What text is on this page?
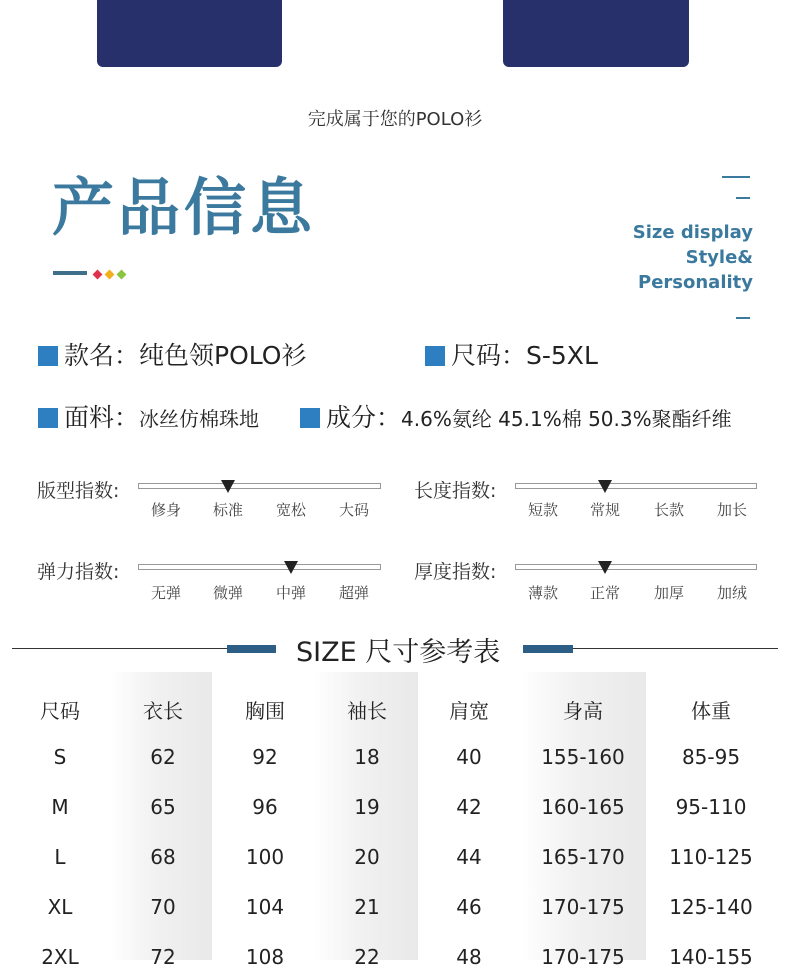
完成属于您的POLO衫
产品信息	Size display
Style&
Personality
款名：纯色领POLO衫	尺码：S-5XL
面料：冰丝仿棉珠地	成分：4.6%氨纶 45.1%棉 50.3%聚酯纤维
版型指数:
修身	标准	宽松	大码
长度指数:
短款	常规	长款	加长
弹力指数:
无弹	微弹	中弹	超弹
厚度指数:
薄款	正常	加厚	加绒
SIZE 尺寸参考表
尺码	衣长	胸围	袖长	肩宽	身高	体重
S	62	92	18	40	155-160	85-95
M	65	96	19	42	160-165	95-110
L	68	100	20	44	165-170	110-125
XL	70	104	21	46	170-175	125-140
2XL	72	108	22	48	170-175	140-155
